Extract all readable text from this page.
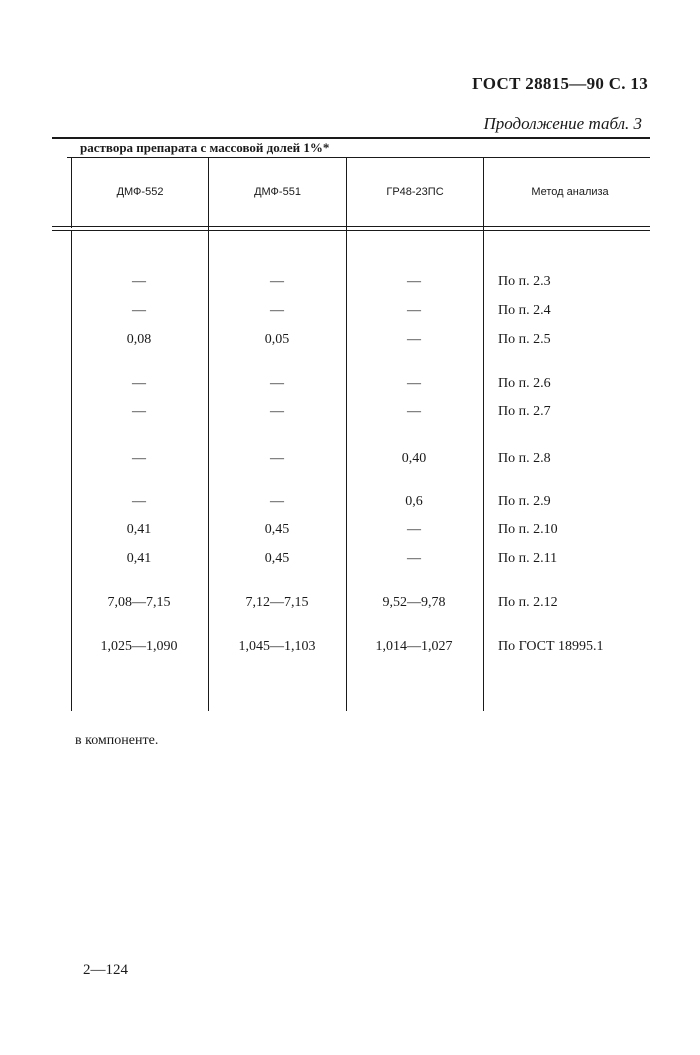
ГОСТ 28815—90 С. 13
Продолжение табл. 3
раствора препарата с массовой долей 1%*
ДМФ-552	ДМФ-551	ГР48-23ПС	Метод анализа
—	—	—	По п. 2.3
—	—	—	По п. 2.4
0,08	0,05	—	По п. 2.5
—	—	—	По п. 2.6
—	—	—	По п. 2.7
—	—	0,40	По п. 2.8
—	—	0,6	По п. 2.9
0,41	0,45	—	По п. 2.10
0,41	0,45	—	По п. 2.11
7,08—7,15	7,12—7,15	9,52—9,78	По п. 2.12
1,025—1,090	1,045—1,103	1,014—1,027	По ГОСТ 18995.1
в компоненте.
2—124
